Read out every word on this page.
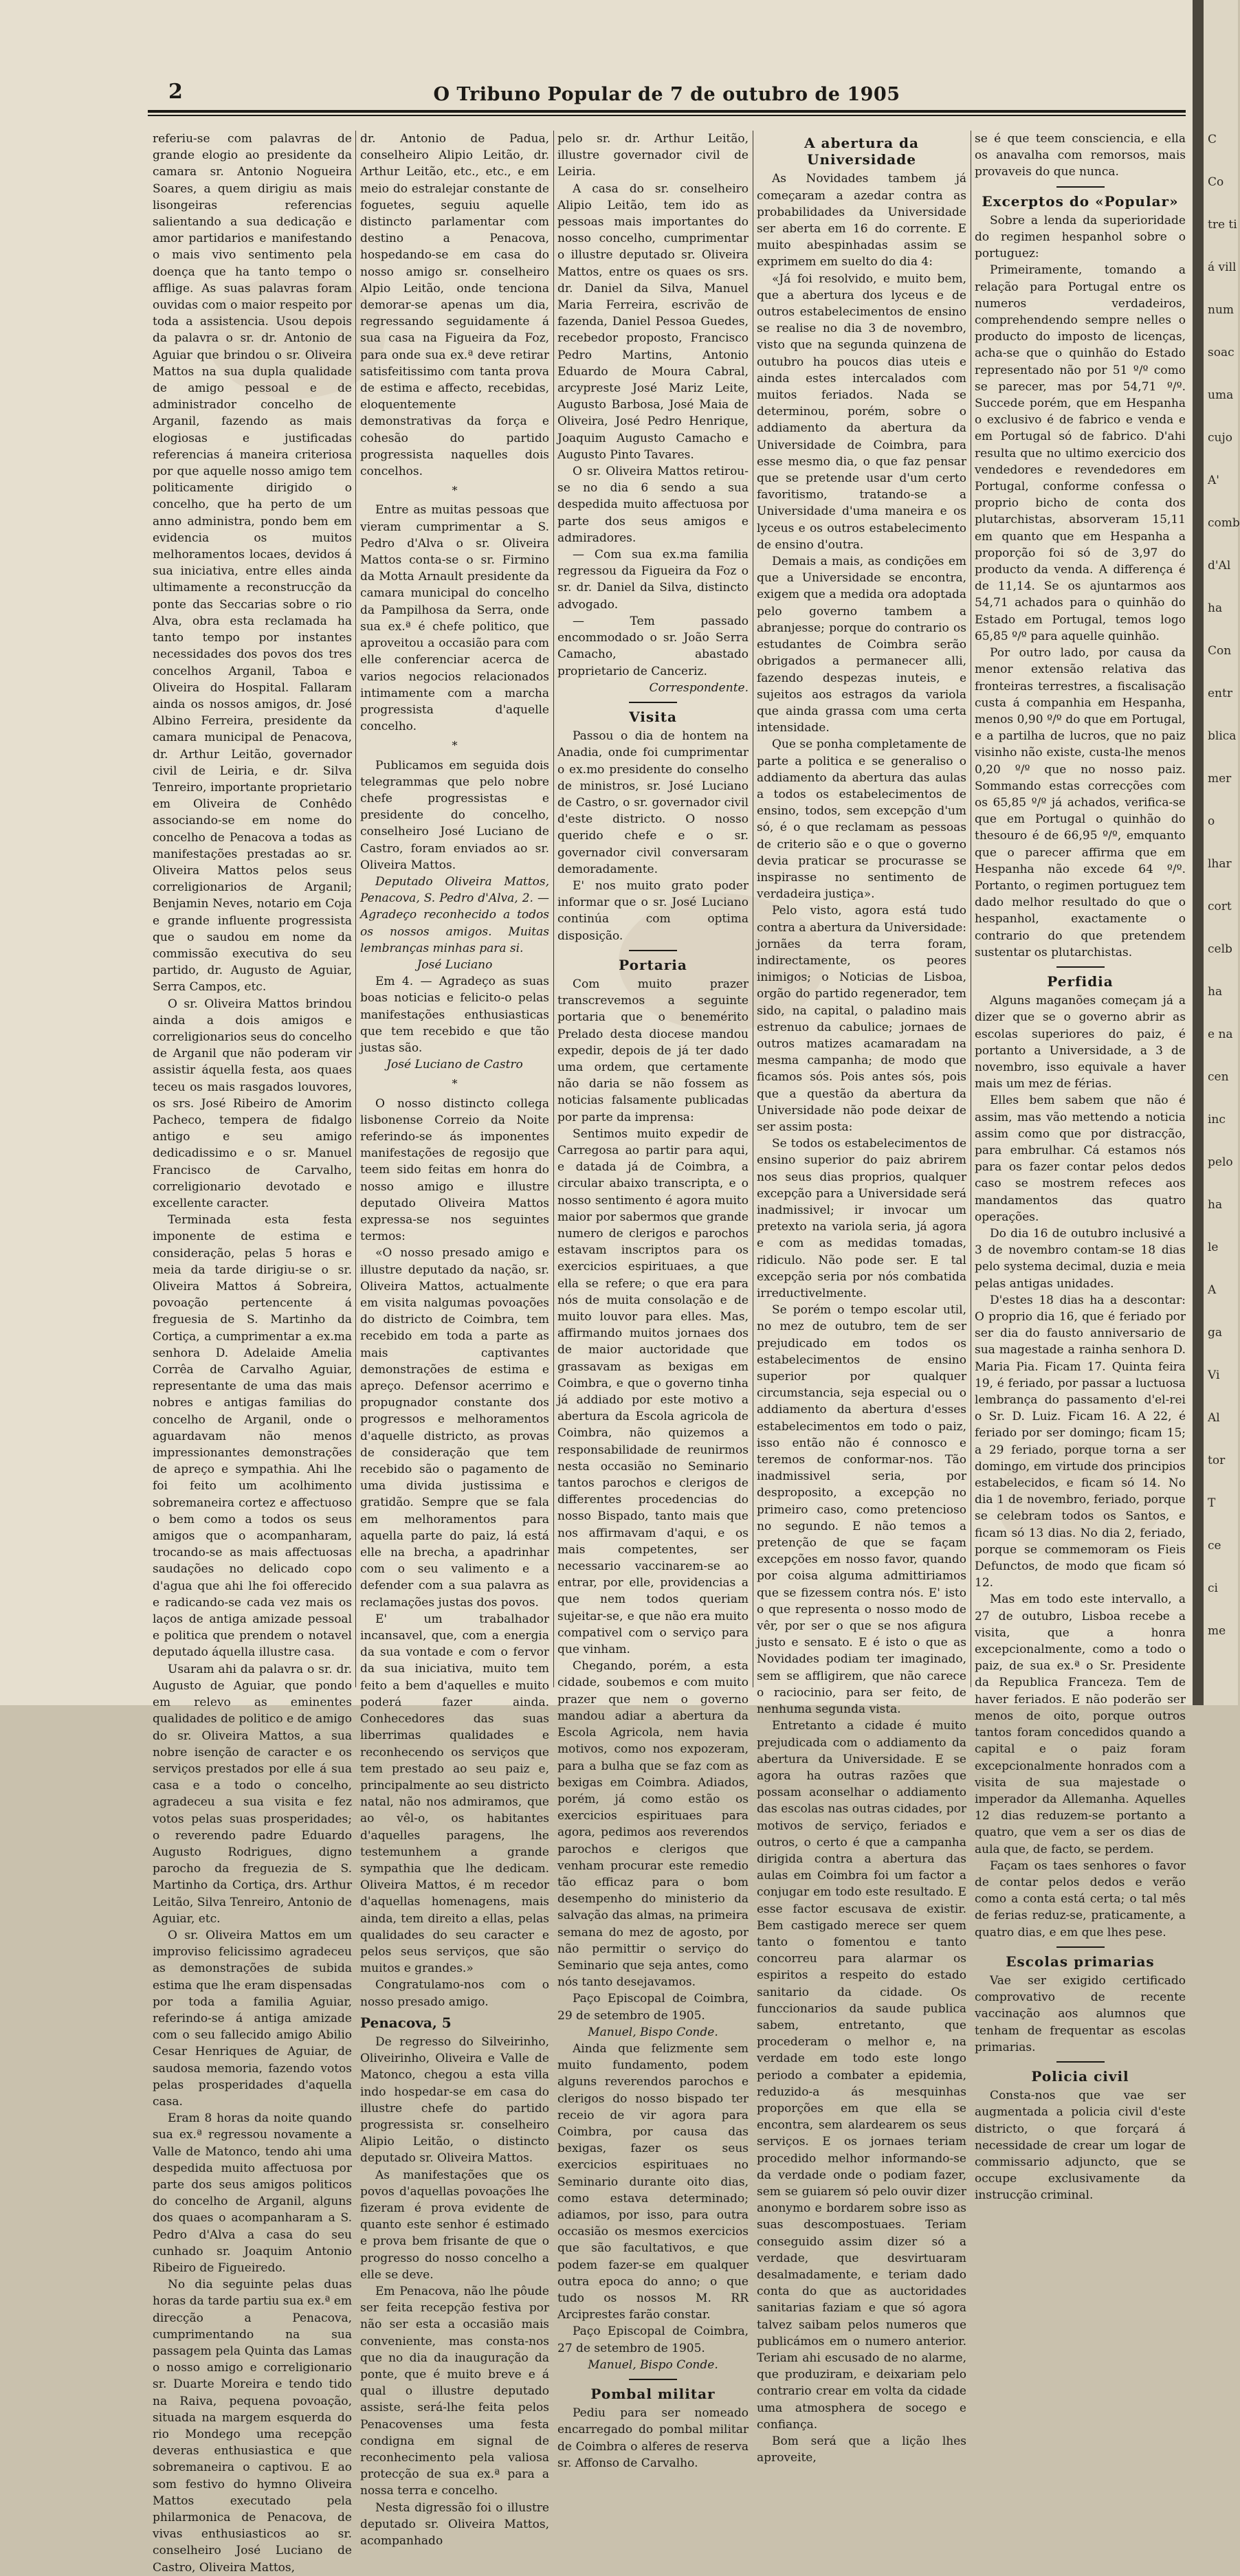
C
Co
tre ti
á vill
num
soac
uma
cujo
A'
comb
d'Al
ha
Con
entr
blica
mer
o
lhar
cort
celb
ha
e na
cen
inc
pelo
ha
le
A
ga
Vi
Al
tor
T
ce
ci
me
2	O Tribuno Popular de 7 de outubro de 1905

referiu-se com palavras de grande elogio ao presidente da camara sr. Antonio Nogueira Soares, a quem dirigiu as mais lisongeiras referencias salientando a sua dedicação e amor partidarios e manifestando o mais vivo sentimento pela doença que ha tanto tempo o afflige. As suas palavras foram ouvidas com o maior respeito por toda a assistencia. Usou depois da palavra o sr. dr. Antonio de Aguiar que brindou o sr. Oliveira Mattos na sua dupla qualidade de amigo pessoal e de administrador concelho de Arganil, fazendo as mais elogiosas e justificadas referencias á maneira criteriosa por que aquelle nosso amigo tem politicamente dirigido o concelho, que ha perto de um anno administra, pondo bem em evidencia os muitos melhoramentos locaes, devidos á sua iniciativa, entre elles ainda ultimamente a reconstrucção da ponte das Seccarias sobre o rio Alva, obra esta reclamada ha tanto tempo por instantes necessidades dos povos dos tres concelhos Arganil, Taboa e Oliveira do Hospital. Fallaram ainda os nossos amigos, dr. José Albino Ferreira, presidente da camara municipal de Penacova, dr. Arthur Leitão, governador civil de Leiria, e dr. Silva Tenreiro, importante proprietario em Oliveira de Conhêdo associando-se em nome do concelho de Penacova a todas as manifestações prestadas ao sr. Oliveira Mattos pelos seus correligionarios de Arganil; Benjamin Neves, notario em Coja e grande influente progressista que o saudou em nome da commissão executiva do seu partido, dr. Augusto de Aguiar, Serra Campos, etc.

O sr. Oliveira Mattos brindou ainda a dois amigos e correligionarios seus do concelho de Arganil que não poderam vir assistir áquella festa, aos quaes teceu os mais rasgados louvores, os srs. José Ribeiro de Amorim Pacheco, tempera de fidalgo antigo e seu amigo dedicadissimo e o sr. Manuel Francisco de Carvalho, correligionario devotado e excellente caracter.

Terminada esta festa imponente de estima e consideração, pelas 5 horas e meia da tarde dirigiu-se o sr. Oliveira Mattos á Sobreira, povoação pertencente á freguesia de S. Martinho da Cortiça, a cumprimentar a ex.ma senhora D. Adelaide Amelia Corrêa de Carvalho Aguiar, representante de uma das mais nobres e antigas familias do concelho de Arganil, onde o aguardavam não menos impressionantes demonstrações de apreço e sympathia. Ahi lhe foi feito um acolhimento sobremaneira cortez e affectuoso o bem como a todos os seus amigos que o acompanharam, trocando-se as mais affectuosas saudações no delicado copo d'agua que ahi lhe foi offerecido e radicando-se cada vez mais os laços de antiga amizade pessoal e politica que prendem o notavel deputado áquella illustre casa.

Usaram ahi da palavra o sr. dr. Augusto de Aguiar, que pondo em relevo as eminentes qualidades de politico e de amigo do sr. Oliveira Mattos, a sua nobre isenção de caracter e os serviços prestados por elle á sua casa e a todo o concelho, agradeceu a sua visita e fez votos pelas suas prosperidades; o reverendo padre Eduardo Augusto Rodrigues, digno parocho da freguezia de S. Martinho da Cortiça, drs. Arthur Leitão, Silva Tenreiro, Antonio de Aguiar, etc.

O sr. Oliveira Mattos em um improviso felicissimo agradeceu as demonstrações de subida estima que lhe eram dispensadas por toda a familia Aguiar, referindo-se á antiga amizade com o seu fallecido amigo Abilio Cesar Henriques de Aguiar, de saudosa memoria, fazendo votos pelas prosperidades d'aquella casa.

Eram 8 horas da noite quando sua ex.ª regressou novamente a Valle de Matonco, tendo ahi uma despedida muito affectuosa por parte dos seus amigos politicos do concelho de Arganil, alguns dos quaes o acompanharam a S. Pedro d'Alva a casa do seu cunhado sr. Joaquim Antonio Ribeiro de Figueiredo.

No dia seguinte pelas duas horas da tarde partiu sua ex.ª em direcção a Penacova, cumprimentando na sua passagem pela Quinta das Lamas o nosso amigo e correligionario sr. Duarte Moreira e tendo tido na Raiva, pequena povoação, situada na margem esquerda do rio Mondego uma recepção deveras enthusiastica e que sobremaneira o captivou. E ao som festivo do hymno Oliveira Mattos executado pela philarmonica de Penacova, de vivas enthusiasticos ao sr. conselheiro José Luciano de Castro, Oliveira Mattos,

dr. Antonio de Padua, conselheiro Alipio Leitão, dr. Arthur Leitão, etc., etc., e em meio do estralejar constante de foguetes, seguiu aquelle distincto parlamentar com destino a Penacova, hospedando-se em casa do nosso amigo sr. conselheiro Alpio Leitão, onde tencionа demorar-se apenas um dia, regressando seguidamente á sua casa na Figueira da Foz, para onde sua ex.ª deve retirar satisfeitissimo com tanta prova de estima e affecto, recebidas, eloquentemente demonstrativas da força e cohesão do partido progressista naquelles dois concelhos.

*

Entre as muitas pessoas que vieram cumprimentar a S. Pedro d'Alva o sr. Oliveira Mattos conta-se o sr. Firmino da Motta Arnault presidente da camara municipal do concelho da Pampilhosa da Serra, onde sua ex.ª é chefe politico, que aproveitou a occasião para com elle conferenciar acerca de varios negocios relacionados intimamente com a marcha progressista d'aquelle concelho.

*

Publicamos em seguida dois telegrammas que pelo nobre chefe progressistas e presidente do concelho, conselheiro José Luciano de Castro, foram enviados ao sr. Oliveira Mattos.

Deputado Oliveira Mattos, Penacova, S. Pedro d'Alva, 2. — Agradeço reconhecido a todos os nossos amigos. Muitas lembranças minhas para si.

José Luciano

Em 4. — Agradeço as suas boas noticias e felicito-o pelas manifestações enthusiasticas que tem recebido e que tão justas são.

José Luciano de Castro

*

O nosso distincto collega lisbonense Correio da Noite referindo-se ás imponentes manifestações de regosijo que teem sido feitas em honra do nosso amigo e illustre deputado Oliveira Mattos expressa-se nos seguintes termos:

«O nosso presado amigo e illustre deputado da nação, sr. Oliveira Mattos, actualmente em visita nalgumas povoações do districto de Coimbra, tem recebido em toda a parte as mais captivantes demonstrações de estima e apreço. Defensor acerrimo e propugnador constante dos progressos e melhoramentos d'aquelle districto, as provas de consideração que tem recebido são o pagamento de uma divida justissima e gratidão. Sempre que se fala em melhoramentos para aquella parte do paiz, lá está elle na brecha, a apadrinhar com o seu valimento e a defender com a sua palavra as reclamações justas dos povos.

E' um trabalhador incansavel, que, com a energia da sua vontade e com o fervor da sua iniciativa, muito tem feito a bem d'aquelles e muito poderá fazer ainda. Conhecedores das suas liberrimas qualidades e reconhecendo os serviços que tem prestado ao seu paiz e, principalmente ao seu districto natal, não nos admiramos, que ao vêl-o, os habitantes d'aquelles paragens, lhe testemunhem a grande sympathia que lhe dedicam. Oliveira Mattos, é m recedor d'aquellas homenagens, mais ainda, tem direito a ellas, pelas qualidades do seu caracter e pelos seus serviços, que são muitos e grandes.»

Congratulamo-nos com o nosso presado amigo.

Penacova, 5

De regresso do Silveirinho, Oliveirinho, Oliveira e Valle de Matonco, chegou a esta villa indo hospedar-se em casa do illustre chefe do partido progressista sr. conselheiro Alipio Leitão, o distincto deputado sr. Oliveira Mattos.

As manifestações que os povos d'aquellas povoações lhe fizeram é prova evidente de quanto este senhor é estimado e prova bem frisante de que o progresso do nosso concelho a elle se deve.

Em Penacova, não lhe pôude ser feita recepção festiva por não ser esta a occasião mais conveniente, mas consta-nos que no dia da inauguração da ponte, que é muito breve e á qual o illustre deputado assiste, será-lhe feita pelos Penacovenses uma festa condigna em signal de reconhecimento pela valiosa protecção de sua ex.ª para a nossa terra e concelho.

Nesta digressão foi o illustre deputado sr. Oliveira Mattos, acompanhado

pelo sr. dr. Arthur Leitão, illustre governador civil de Leiria.

A casa do sr. conselheiro Alipio Leitão, tem ido as pessoas mais importantes do nosso concelho, cumprimentar o illustre deputado sr. Oliveira Mattos, entre os quaes os srs. dr. Daniel da Silva, Manuel Maria Ferreira, escrivão de fazenda, Daniel Pessoa Guedes, recebedor proposto, Francisco Pedro Martins, Antonio Eduardo de Moura Cabral, arcypreste José Mariz Leite, Augusto Barbosa, José Maia de Oliveira, José Pedro Henrique, Joaquim Augusto Camacho e Augusto Pinto Tavares.

O sr. Oliveira Mattos retirou-se no dia 6 sendo a sua despedida muito affectuosa por parte dos seus amigos e admiradores.

— Com sua ex.ma familia regressou da Figueira da Foz o sr. dr. Daniel da Silva, distincto advogado.

— Tem passado encommodado o sr. João Serra Camacho, abastado proprietario de Canceriz.

Correspondente.

Visita

Passou o dia de hontem na Anadia, onde foi cumprimentar o ex.mo presidente do conselho de ministros, sr. José Luciano de Castro, o sr. governador civil d'este districto. O nosso querido chefe e o sr. governador civil conversaram demoradamente.

E' nos muito grato poder informar que o sr. José Luciano continúa com optima disposição.

Portaria

Com muito prazer transcrevemos a seguinte portaria que o benemérito Prelado desta diocese mandou expedir, depois de já ter dado uma ordem, que certamente não daria se não fossem as noticias falsamente publicadas por parte da imprensa:

Sentimos muito expedir de Carregosa ao partir para aqui, e datada já de Coimbra, a circular abaixo transcripta, e o nosso sentimento é agora muito maior por sabermos que grande numero de clerigos e parochos estavam inscriptos para os exercicios espirituaes, a que ella se refere; o que era para nós de muita consolação e de muito louvor para elles. Mas, affirmando muitos jornaes dos de maior auctoridade que grassavam as bexigas em Coimbra, e que o governo tinha já addiado por este motivo a abertura da Escola agricola de Coimbra, não quizemos a responsabilidade de reunirmos nesta occasião no Seminario tantos parochos e clerigos de differentes procedencias do nosso Bispado, tanto mais que nos affirmavam d'aqui, e os mais competentes, ser necessario vaccinarem-se ao entrar, por elle, providencias a que nem todos queriam sujeitar-se, e que não era muito compativel com o serviço para que vinham.

Chegando, porém, a esta cidade, soubemos e com muito prazer que nem o governo mandou adiar a abertura da Escola Agricola, nem havia motivos, como nos expozeram, para a bulha que se faz com as bexigas em Coimbra. Adiados, porém, já como estão os exercicios espirituaes para agora, pedimos aos reverendos parochos e clerigos que venham procurar este remedio tão efficaz para o bom desempenho do ministerio da salvação das almas, na primeira semana do mez de agosto, por não permittir o serviço do Seminario que seja antes, como nós tanto desejavamos.

Paço Episcopal de Coimbra, 29 de setembro de 1905.

Manuel, Bispo Conde.

Ainda que felizmente sem muito fundamento, podem alguns reverendos parochos e clerigos do nosso bispado ter receio de vir agora para Coimbra, por causa das bexigas, fazer os seus exercicios espirituaes no Seminario durante oito dias, como estava determinado; adiamos, por isso, para outra occasião os mesmos exercicios que são facultativos, e que podem fazer-se em qualquer outra epoca do anno; o que tudo os nossos M. RR Arciprestes farão constar.

Paço Episcopal de Coimbra, 27 de setembro de 1905.

Manuel, Bispo Conde.

Pombal militar

Pediu para ser nomeado encarregado do pombal militar de Coimbra o alferes de reserva sr. Affonso de Carvalho.

A abertura da Universidade

As Novidades tambem já começaram a azedar contra as probabilidades da Universidade ser aberta em 16 do corrente. E muito abespinhadas assim se exprimem em suelto do dia 4:

«Já foi resolvido, e muito bem, que a abertura dos lyceus e de outros estabelecimentos de ensino se realise no dia 3 de novembro, visto que na segunda quinzena de outubro ha poucos dias uteis e ainda estes intercalados com muitos feriados. Nada se determinou, porém, sobre o addiamento da abertura da Universidade de Coimbra, para esse mesmo dia, o que faz pensar que se pretende usar d'um certo favoritismo, tratando-se a Universidade d'uma maneira e os lyceus e os outros estabelecimento de ensino d'outra.

Demais a mais, as condições em que a Universidade se encontra, exigem que a medida ora adoptada pelo governo tambem a abranjesse; porque do contrario os estudantes de Coimbra serão obrigados a permanecer alli, fazendo despezas inuteis, e sujeitos aos estragos da variola que ainda grassa com uma certa intensidade.

Que se ponha completamente de parte a politica e se generaliso o addiamento da abertura das aulas a todos os estabelecimentos de ensino, todos, sem excepção d'um só, é o que reclamam as pessoas de criterio são e o que o governo devia praticar se procurasse se inspirasse no sentimento de verdadeira justiça».

Pelo visto, agora está tudo contra a abertura da Universidade: jornães da terra foram, indirectamente, os peores inimigos; o Noticias de Lisboa, orgão do partido regenerador, tem sido, na capital, o paladino mais estrenuo da cabulice; jornaes de outros matizes acamaradam na mesma campanha; de modo que ficamos sós. Pois antes sós, pois que a questão da abertura da Universidade não pode deixar de ser assim posta:

Se todos os estabelecimentos de ensino superior do paiz abrirem nos seus dias proprios, qualquer excepção para a Universidade será inadmissivel; ir invocar um pretexto na variola seria, já agora e com as medidas tomadas, ridiculo. Não pode ser. E tal excepção seria por nós combatida irreductivelmente.

Se porém o tempo escolar util, no mez de outubro, tem de ser prejudicado em todos os estabelecimentos de ensino superior por qualquer circumstancia, seja especial ou o addiamento da abertura d'esses estabelecimentos em todo o paiz, isso então não é connosco e teremos de conformar-nos. Tão inadmissivel seria, por desproposito, a excepção no primeiro caso, como pretencioso no segundo. E não temos a pretenção de que se façam excepções em nosso favor, quando por coisa alguma admittiriamos que se fizessem contra nós. E' isto o que representa o nosso modo de vêr, por ser o que se nos afigura justo e sensato. E é isto o que as Novidades podiam ter imaginado, sem se affligirem, que não carece o raciocinio, para ser feito, de nenhuma segunda vista.

Entretanto a cidade é muito prejudicada com o addiamento da abertura da Universidade. E se agora ha outras razões que possam aconselhar o addiamento das escolas nas outras cidades, por motivos de serviço, feriados e outros, o certo é que a campanha dirigida contra a abertura das aulas em Coimbra foi um factor a conjugar em todo este resultado. E esse factor escusava de existir. Bem castigado merece ser quem tanto o fomentou e tanto concorreu para alarmar os espiritos a respeito do estado sanitario da cidade. Os funccionarios da saude publica sabem, entretanto, que procederam o melhor e, na verdade em todo este longo periodo a combater a epidemia, reduzido-a ás mesquinhas proporções em que ella se encontra, sem alardearem os seus serviços. E os jornaes teriam procedido melhor informando-se da verdade onde o podiam fazer, sem se guiarem só pelo ouvir dizer anonymo e bordarem sobre isso as suas descompostuaes. Teriam conseguido assim dizer só a verdade, que desvirtuaram desalmadamente, e teriam dado conta do que as auctoridades sanitarias faziam e que só agora talvez saibam pelos numeros que publicámos em o numero anterior. Teriam ahi escusado de no alarme, que produziram, e deixariam pelo contrario crear em volta da cidade uma atmosphera de socego e confiança.

Bom será que a lição lhes aproveite,

se é que teem consciencia, e ella os anavalha com remorsos, mais provaveis do que nunca.

Excerptos do «Popular»

Sobre a lenda da superioridade do regimen hespanhol sobre o portuguez:

Primeiramente, tomando a relação para Portugal entre os numeros verdadeiros, comprehendendo sempre nelles o producto do imposto de licenças, acha-se que o quinhão do Estado representado não por 51 º/º como se parecer, mas por 54,71 º/º. Succede porém, que em Hespanha o exclusivo é de fabrico e venda e em Portugal só de fabrico. D'ahi resulta que no ultimo exercicio dos vendedores e revendedores em Portugal, conforme confessa o proprio bicho de conta dos plutarchistas, absorveram 15,11 em quanto que em Hespanha a proporção foi só de 3,97 do producto da venda. A differença é de 11,14. Se os ajuntarmos aos 54,71 achados para o quinhão do Estado em Portugal, temos logo 65,85 º/º para aquelle quinhão.

Por outro lado, por causa da menor extensão relativa das fronteiras terrestres, a fiscalisação custa á companhia em Hespanha, menos 0,90 º/º do que em Portugal, e a partilha de lucros, que no paiz visinho não existe, custa-lhe menos 0,20 º/º que no nosso paiz. Sommando estas correcções com os 65,85 º/º já achados, verifica-se que em Portugal o quinhão do thesouro é de 66,95 º/º, emquanto que o parecer affirma que em Hespanha não excede 64 º/º. Portanto, o regimen portuguez tem dado melhor resultado do que o hespanhol, exactamente o contrario do que pretendem sustentar os plutarchistas.

Perfidia

Alguns maganões começam já a dizer que se o governo abrir as escolas superiores do paiz, é portanto a Universidade, a 3 de novembro, isso equivale a haver mais um mez de férias.

Elles bem sabem que não é assim, mas vão mettendo a noticia assim como que por distracção, para embrulhar. Cá estamos nós para os fazer contar pelos dedos caso se mostrem refeces aos mandamentos das quatro operações.

Do dia 16 de outubro inclusivé a 3 de novembro contam-se 18 dias pelo systema decimal, duzia e meia pelas antigas unidades.

D'estes 18 dias ha a descontar: O proprio dia 16, que é feriado por ser dia do fausto anniversario de sua magestade a rainha senhora D. Maria Pia. Ficam 17. Quinta feira 19, é feriado, por passar a luctuosa lembrança do passamento d'el-rei o Sr. D. Luiz. Ficam 16. A 22, é feriado por ser domingo; ficam 15; a 29 feriado, porque torna a ser domingo, em virtude dos principios estabelecidos, e ficam só 14. No dia 1 de novembro, feriado, porque se celebram todos os Santos, e ficam só 13 dias. No dia 2, feriado, porque se commemoram os Fieis Defunctos, de modo que ficam só 12.

Mas em todo este intervallo, a 27 de outubro, Lisboa recebe a visita, que a honra excepcionalmente, como a todo o paiz, de sua ex.ª o Sr. Presidente da Republica Franceza. Tem de haver feriados. E não poderão ser menos de oito, porque outros tantos foram concedidos quando a capital e o paiz foram excepcionalmente honrados com a visita de sua majestade o imperador da Allemanha. Aquelles 12 dias reduzem-se portanto a quatro, que vem a ser os dias de aula que, de facto, se perdem.

Façam os taes senhores o favor de contar pelos dedos e verão como a conta está certa; o tal mês de ferias reduz-se, praticamente, a quatro dias, e em que lhes pese.

Escolas primarias

Vae ser exigido certificado comprovativo de recente vaccinação aos alumnos que tenham de frequentar as escolas primarias.

Policia civil

Consta-nos que vae ser augmentada a policia civil d'este districto, o que forçará á necessidade de crear um logar de commissario adjuncto, que se occupe exclusivamente da instrucção criminal.
